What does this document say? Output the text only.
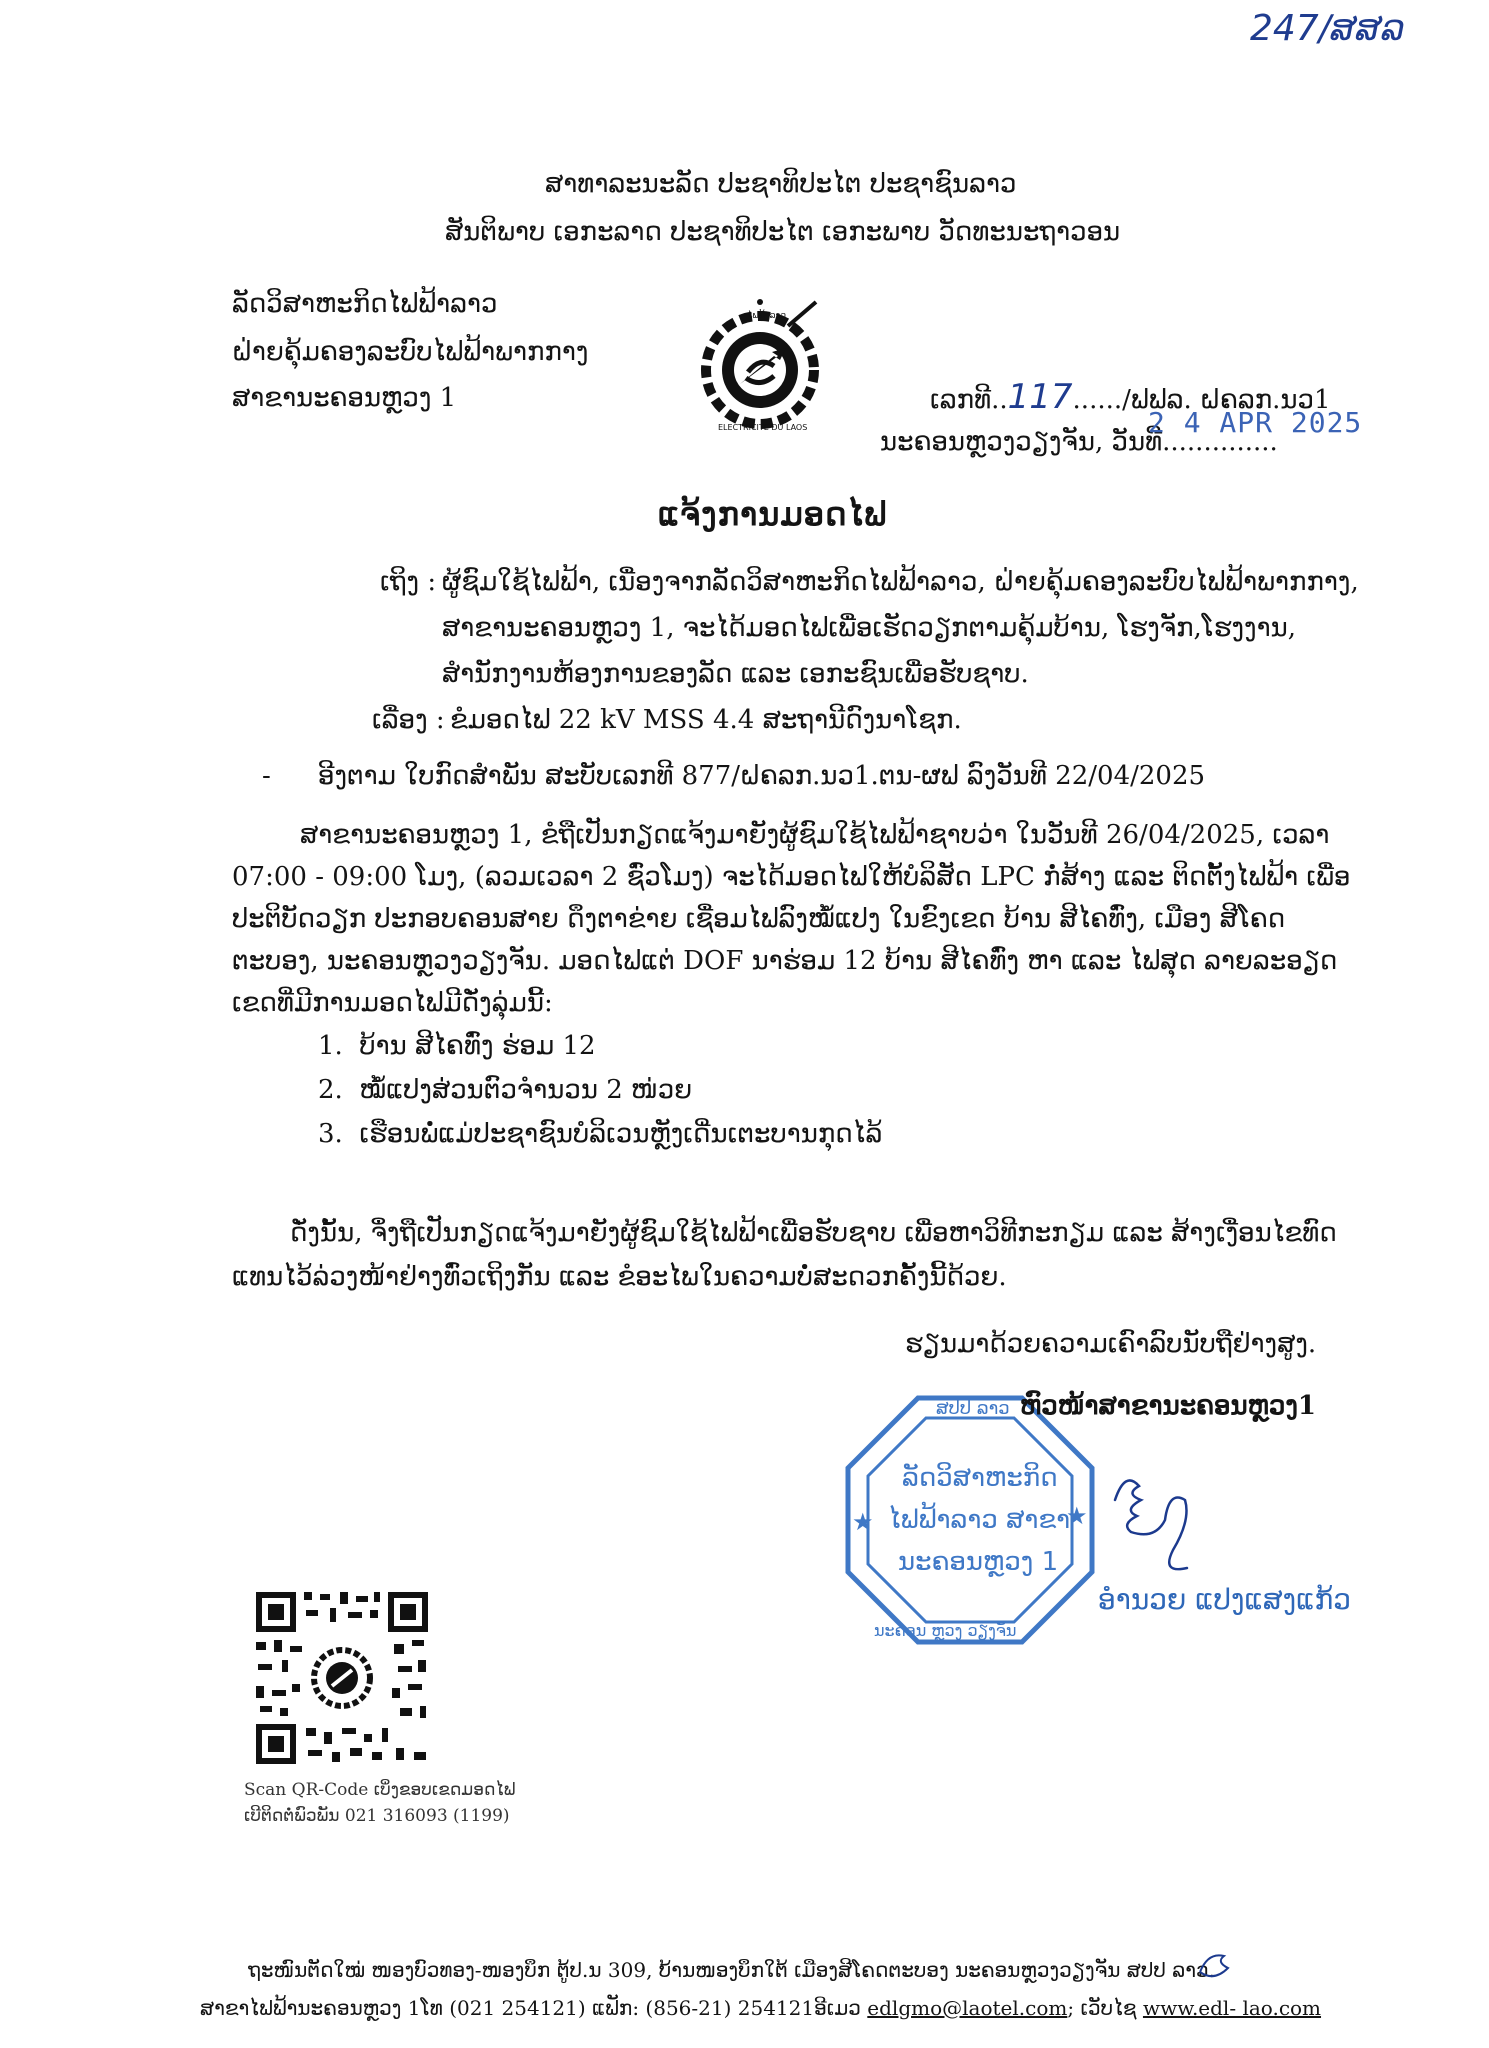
247/ສສລ
ສາທາລະນະລັດ ປະຊາທິປະໄຕ ປະຊາຊົນລາວ
ສັນຕິພາບ ເອກະລາດ ປະຊາທິປະໄຕ ເອກະພາບ ວັດທະນະຖາວອນ
ລັດວິສາຫະກິດໄຟຟ້າລາວ
ຝ່າຍຄຸ້ມຄອງລະບົບໄຟຟ້າພາກກາງ
ສາຂານະຄອນຫຼວງ 1
ໄຟຟ້າລາວ
ELECTRICITE DU LAOS
ເລກທີ..117....../ຟຟລ. ຝຄລກ.ນວ1
ນະຄອນຫຼວງວຽງຈັນ, ວັນທີ..............
2 4 APR 2025
ແຈ້ງການມອດໄຟ
ເຖິງ : ຜູ້ຊົມໃຊ້ໄຟຟ້າ, ເນື່ອງຈາກລັດວິສາຫະກິດໄຟຟ້າລາວ, ຝ່າຍຄຸ້ມຄອງລະບົບໄຟຟ້າພາກກາງ,
ສາຂານະຄອນຫຼວງ 1, ຈະໄດ້ມອດໄຟເພື່ອເຮັດວຽກຕາມຄຸ້ມບ້ານ, ໂຮງຈັກ,ໂຮງງານ,
ສຳນັກງານຫ້ອງການຂອງລັດ ແລະ ເອກະຊົນເພື່ອຮັບຊາບ.
ເລື່ອງ : ຂໍມອດໄຟ 22 kV MSS 4.4 ສະຖານີດົງນາໂຊກ.
- ອີງຕາມ ໃບກົດສຳພັນ ສະບັບເລກທີ 877/ຝຄລກ.ນວ1.ຕນ-ຜຟ ລົງວັນທີ 22/04/2025
ສາຂານະຄອນຫຼວງ 1, ຂໍຖືເປັນກຽດແຈ້ງມາຍັງຜູ້ຊົມໃຊ້ໄຟຟ້າຊາບວ່າ ໃນວັນທີ 26/04/2025, ເວລາ
07:00 - 09:00 ໂມງ, (ລວມເວລາ 2 ຊົ່ວໂມງ) ຈະໄດ້ມອດໄຟໃຫ້ບໍລິສັດ LPC ກໍ່ສ້າງ ແລະ ຕິດຕັ້ງໄຟຟ້າ ເພື່ອ
ປະຕິບັດວຽກ ປະກອບຄອນສາຍ ດຶງຕາຂ່າຍ ເຊື່ອມໄຟລົງໝໍ້ແປງ ໃນຂົງເຂດ ບ້ານ ສີໄຄທົ່ງ, ເມືອງ ສີໂຄດ
ຕະບອງ, ນະຄອນຫຼວງວຽງຈັນ. ມອດໄຟແຕ່ DOF ນາຮ່ອມ 12 ບ້ານ ສີໄຄທົ່ງ ຫາ ແລະ ໄຟສຸດ ລາຍລະອຽດ
ເຂດທີ່ມີການມອດໄຟມີດັ່ງລຸ່ມນີ້:
1. ບ້ານ ສີໄຄທົ່ງ ຮ່ອມ 12
2. ໝໍ້ແປງສ່ວນຕົວຈຳນວນ 2 ໜ່ວຍ
3. ເຮືອນພໍ່ແມ່ປະຊາຊົນບໍລິເວນຫຼັງເດີ່ນເຕະບານກຸດໄລ້
ດັ່ງນັ້ນ, ຈຶ່ງຖືເປັນກຽດແຈ້ງມາຍັງຜູ້ຊົມໃຊ້ໄຟຟ້າເພື່ອຮັບຊາບ ເພື່ອຫາວິທີກະກຽມ ແລະ ສ້າງເງື່ອນໄຂທົດ
ແທນໄວ້ລ່ວງໜ້າຢ່າງທົ່ວເຖິງກັນ ແລະ ຂໍອະໄພໃນຄວາມບໍ່ສະດວກຄັ້ງນີ້ດ້ວຍ.
ຮຽນມາດ້ວຍຄວາມເຄົາລົບນັບຖືຢ່າງສູງ.
ສປປ ລາວ
ລັດວິສາຫະກິດ
ໄຟຟ້າລາວ ສາຂາ
ນະຄອນຫຼວງ 1
ນະຄອນ ຫຼວງ ວຽງຈັນ
★	★
ຫົວໜ້າສາຂານະຄອນຫຼວງ1
ອຳນວຍ ແປງແສງແກ້ວ
Scan QR-Code ເບິ່ງຂອບເຂດມອດໄຟ
ເບີຕິດຕໍ່ພົວພັນ 021 316093 (1199)
ຖະໜົນຕັດໃໝ່ ໜອງບົວທອງ-ໜອງບຶກ ຕູ້ປ.ນ 309, ບ້ານໜອງບຶກໃຕ້ ເມືອງສີໂຄດຕະບອງ ນະຄອນຫຼວງວຽງຈັນ ສປປ ລາວ.
ສາຂາໄຟຟ້ານະຄອນຫຼວງ 1ໂທ (021 254121) ແຟັກ: (856-21) 254121ອີເມວ edlgmo@laotel.com; ເວັບໄຊ www.edl- lao.com
